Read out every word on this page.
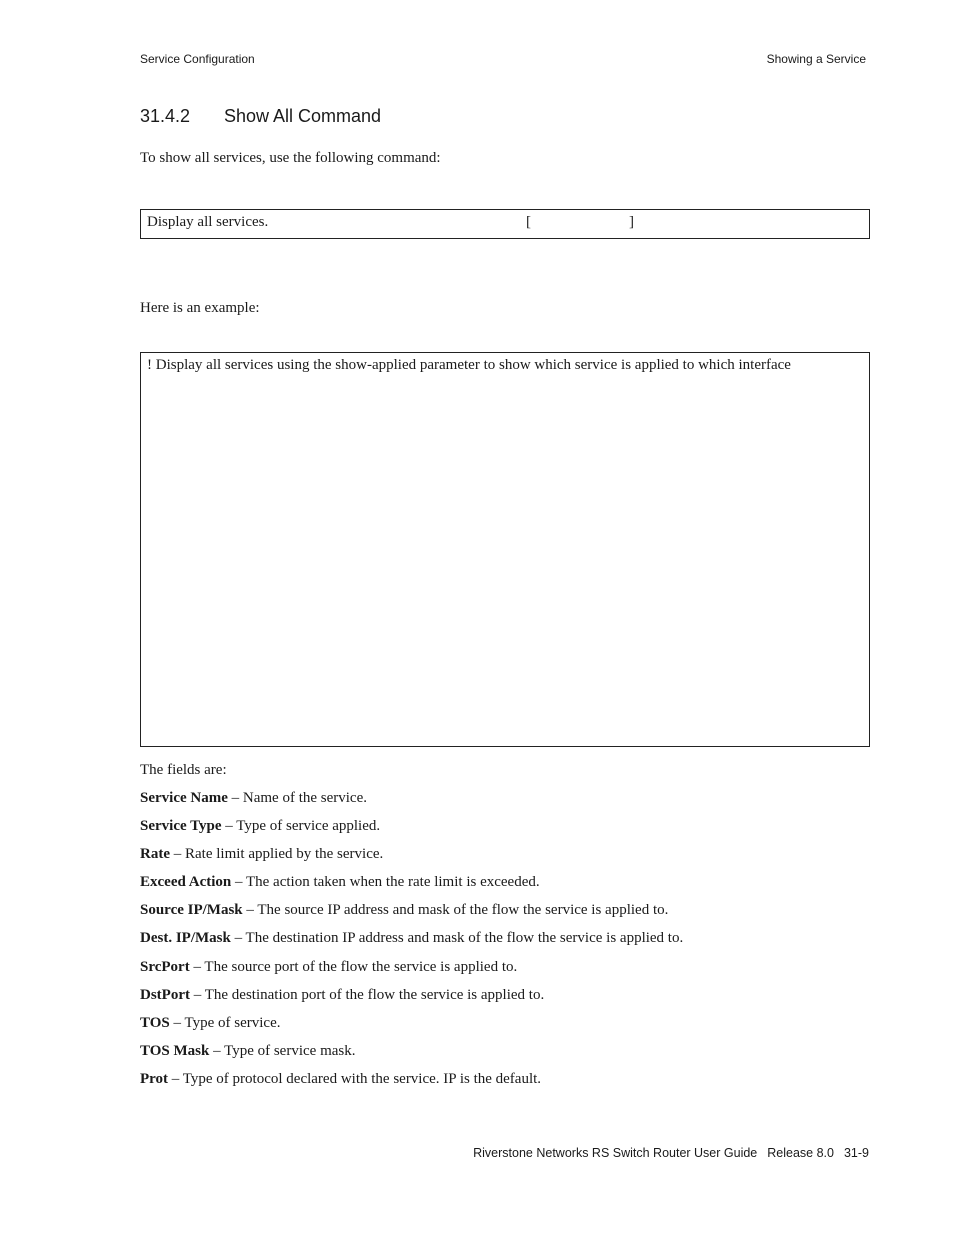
Service Configuration	Showing a Service
31.4.2	Show All Command
To show all services, use the following command:
Display all services.	[	]
Here is an example:
! Display all services using the show-applied parameter to show which service is applied to which interface
The fields are:
Service Name – Name of the service.
Service Type – Type of service applied.
Rate – Rate limit applied by the service.
Exceed Action – The action taken when the rate limit is exceeded.
Source IP/Mask – The source IP address and mask of the flow the service is applied to.
Dest. IP/Mask – The destination IP address and mask of the flow the service is applied to.
SrcPort – The source port of the flow the service is applied to.
DstPort – The destination port of the flow the service is applied to.
TOS – Type of service.
TOS Mask – Type of service mask.
Prot – Type of protocol declared with the service. IP is the default.
Riverstone Networks RS Switch Router User Guide Release 8.0 31-9
